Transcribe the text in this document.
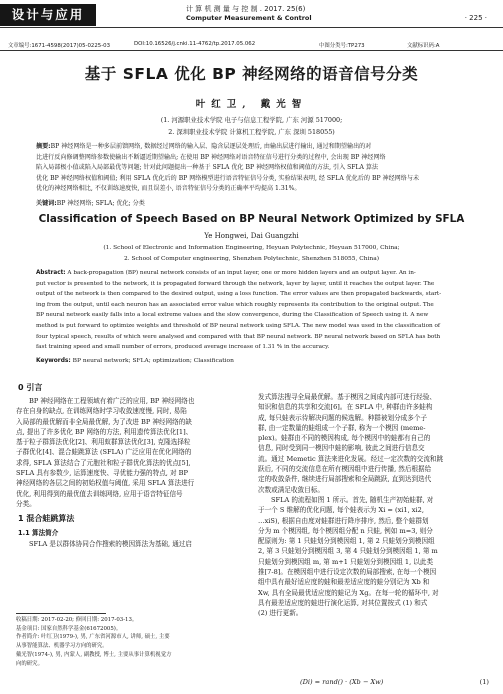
设计与应用	计 算 机 测 量 与 控 制 . 2017. 25(6)
Computer Measurement & Control	· 225 ·
文章编号:1671-4598(2017)05-0225-03	DOI:10.16526/j.cnki.11-4762/tp.2017.05.062	中图分类号:TP273	文献标识码:A
基于 SFLA 优化 BP 神经网络的语音信号分类
叶红卫, 戴光智
(1. 河源职业技术学院 电子与信息工程学院, 广东 河源 517000;
2. 深圳职业技术学院 计算机工程学院, 广东 深圳 518055)
摘要:BP 神经网络是一种多层前馈网络, 数据经过网络的输入层、隐含层逐层处理后, 由输出层进行输出, 通过和期望输出的对
比进行反向修调整网络参数使输出不断逼近期望输出; 在使用 BP 神经网络对语音特征信号进行分类的过程中, 会出现 BP 神经网络
陷入局部极小值或陷入局部最优等问题; 针对此问题提出一种基于 SFLA 优化 BP 神经网络权值和阈值的方法, 引入 SFLA 算法
优化 BP 神经网络权值和阈值; 利用 SFLA 优化后的 BP 网络模型进行语音特征信号分类, 实验结果表明, 经 SFLA 优化后的 BP 神经网络与未
优化的神经网络相比, 不仅训练速度快, 而且误差小, 语音特征信号分类的正确率平均提高 1.31%。
关键词:BP 神经网络; SFLA; 优化; 分类
Classification of Speech Based on BP Neural Network Optimized by SFLA
Ye Hongwei, Dai Guangzhi
(1. School of Electronic and Information Engineering, Heyuan Polytechnic, Heyuan 517000, China;
2. School of Computer engineering, Shenzhen Polytechnic, Shenzhen 518055, China)
Abstract: A back-propagation (BP) neural network consists of an input layer, one or more hidden layers and an output layer. An in-
put vector is presented to the network, it is propagated forward through the network, layer by layer, until it reaches the output layer. The
output of the network is then compared to the desired output, using a loss function. The error values are then propagated backwards, start-
ing from the output, until each neuron has an associated error value which roughly represents its contribution to the original output. The
BP neural network easily falls into a local extreme values and the slow convergence, during the Classification of Speech using it. A new
method is put forward to optimize weights and threshold of BP neural network using SFLA. The new model was used in the classification of
four typical speech, results of which were analysed and compared with that BP neural network. BP neural network based on SFLA has both
fast training speed and small number of errors, produced average increase of 1.31 % in the accuracy.
Keywords: BP neural network; SFLA; optimization; Classification
0 引言
BP 神经网络在工程领域有着广泛的应用, BP 神经网络也
存在自身的缺点, 在训练网络时学习收敛速度慢, 同时, 易陷
入局部的最优解而非全局最优解, 为了改进 BP 神经网络的缺
点, 提出了许多优化 BP 网络的方法, 利用遗传算法优化[1]、
基于粒子群算法优化[2]、利用蚁群算法优化[3], 克隆选择粒
子群优化[4]、混合蛙跳算法 (SFLA) 广泛应用在优化网络的
求得, SFLA 算法结合了元胞社和粒子群优化算法的优点[5],
SFLA 具有参数少, 运算速度快、寻优能力强的特点, 对 BP
神经网络的各层之间的初始权值与阈值, 采用 SFLA 算法进行
优化, 利用得到的最优值去训练网络, 应用于语音特征信号
分类。
1 混合蛙跳算法
1.1 算法简介
SFLA 是以群体协同合作搜索的模因算法为基础, 通过启
收稿日期: 2017-02-20; 修回日期: 2017-03-13。
基金项目: 国家自然科学基金(61672005)。
作者简介: 叶红卫(1979-), 男, 广东省河源市人, 讲师, 硕士, 主要
从事智能算法、机器学习方向的研究。
戴光智(1974-), 男, 内蒙人, 副教授, 博士, 主要从事计算机视觉方
向的研究。
发式算法搜寻全局最优解。基于模因之间成内部可进行经验、
知识和信息的共享和交流[6]。在 SFLA 中, 种群由许多蛙构
成, 每只蛙表示待解决问题的候选解。种群被划分成多个子
群, 由一定数量的蛙组成一个子群, 称为一个模因 (meme-
plex)。蛙群由不同的模因构成, 每个模因中的蛙都有自己的
信息, 同时受到同一模因中蛙的影响, 彼此之间进行信息交
流。通过 Memetic 算法来进化发展。经过一定次数的交流和跳
跃后, 不同的交流信息在所有模因组中进行传播, 然后根据给
定的收敛条件, 继续进行局部搜索和全局跳跃, 直到达到迭代
次数或满足收敛目标。
SFLA 的流程如图 1 所示。首先, 随机生产初始蛙群, 对
于一个 S 维解的优化问题, 每个蛙表示为 Xi = (xi1, xi2,
…xiS), 根据自由度对蛙群进行降序排序, 然后, 整个蛙群划
分为 m 个模因组, 每个模因组分配 n 只蛙, 例如 m=3, 则分
配原则为: 第 1 只蛙划分到模因组 1, 第 2 只蛙划分到模因组
2, 第 3 只蛙划分到模因组 3, 第 4 只蛙划分到模因组 1, 第 m
只蛙划分到模因组 m, 第 m+1 只蛙划分到模因组 1, 以此类
推[7-8]。在模因组中进行设定次数的局部搜索, 在每一个模因
组中具有最好适应度的蛙和最差适应度的蛙分别记为 Xb 和
Xw, 具有全局最优适应度的蛙记为 Xg。在每一轮的循环中, 对
具有最差适应度的蛙进行演化运算, 对其位置按式 (1) 和式
(2) 进行更新。
(Di) = rand() · (Xb − Xw)	(1)
